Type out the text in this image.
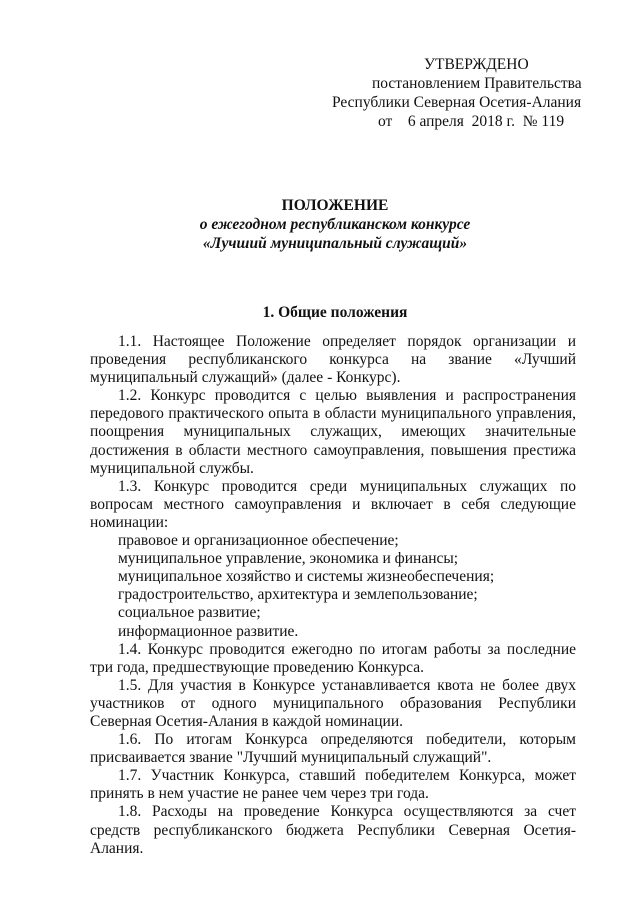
УТВЕРЖДЕНО
постановлением Правительства
Республики Северная Осетия-Алания
от    6 апреля  2018 г.  № 119
ПОЛОЖЕНИЕ
о ежегодном республиканском конкурсе
«Лучший муниципальный служащий»
1. Общие положения

1.1. Настоящее Положение определяет порядок организации и проведения республиканского конкурса на звание «Лучший муниципальный служащий» (далее - Конкурс).

1.2. Конкурс проводится с целью выявления и распространения передового практического опыта в области муниципального управления, поощрения муниципальных служащих, имеющих значительные достижения в области местного самоуправления, повышения престижа муниципальной службы.

1.3. Конкурс проводится среди муниципальных служащих по вопросам местного самоуправления и включает в себя следующие номинации:

правовое и организационное обеспечение;

муниципальное управление, экономика и финансы;

муниципальное хозяйство и системы жизнеобеспечения;

градостроительство, архитектура и землепользование;

социальное развитие;

информационное развитие.

1.4. Конкурс проводится ежегодно по итогам работы за последние три года, предшествующие проведению Конкурса.

1.5. Для участия в Конкурсе устанавливается квота не более двух участников от одного муниципального образования Республики Северная Осетия-Алания в каждой номинации.

1.6. По итогам Конкурса определяются победители, которым присваивается звание "Лучший муниципальный служащий".

1.7. Участник Конкурса, ставший победителем Конкурса, может принять в нем участие не ранее чем через три года.

1.8. Расходы на проведение Конкурса осуществляются за счет средств республиканского бюджета Республики Северная Осетия-Алания.
